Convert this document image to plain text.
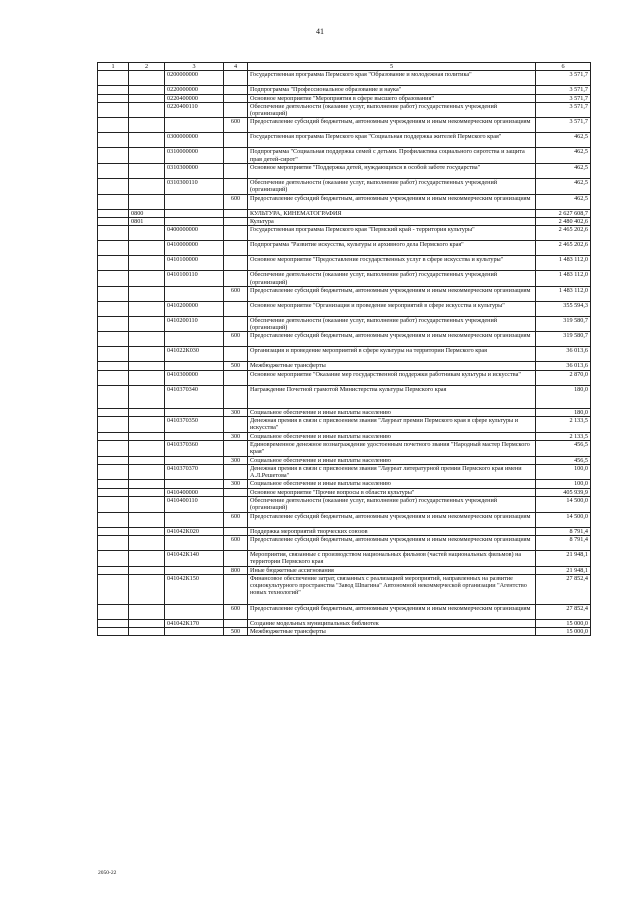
41
1	2	3	4	5	6
		0200000000		Государственная программа Пермского края "Образование и молодежная политика"	3 571,7
		0220000000		Подпрограмма "Профессиональное образование и наука"	3 571,7
		0220400000		Основное мероприятие "Мероприятия в сфере высшего образования"	3 571,7
		0220400110		Обеспечение деятельности (оказание услуг, выполнение работ) государственных учреждений (организаций)	3 571,7
			600	Предоставление субсидий бюджетным, автономным учреждениям и иным некоммерческим организациям	3 571,7
		0300000000		Государственная программа Пермского края "Социальная поддержка жителей Пермского края"	462,5
		0310000000		Подпрограмма "Социальная поддержка семей с детьми. Профилактика социального сиротства и защита прав детей-сирот"	462,5
		0310300000		Основное мероприятие "Поддержка детей, нуждающихся в особой заботе государства"	462,5
		0310300110		Обеспечение деятельности (оказание услуг, выполнение работ) государственных учреждений (организаций)	462,5
			600	Предоставление субсидий бюджетным, автономным учреждениям и иным некоммерческим организациям	462,5
	0800			КУЛЬТУРА, КИНЕМАТОГРАФИЯ	2 627 608,7
	0801			Культура	2 480 402,6
		0400000000		Государственная программа Пермского края "Пермский край - территория культуры"	2 465 202,6
		0410000000		Подпрограмма "Развитие искусства, культуры и архивного дела Пермского края"	2 465 202,6
		0410100000		Основное мероприятие "Предоставление государственных услуг в сфере искусства и культуры"	1 483 112,0
		0410100110		Обеспечение деятельности (оказание услуг, выполнение работ) государственных учреждений (организаций)	1 483 112,0
			600	Предоставление субсидий бюджетным, автономным учреждениям и иным некоммерческим организациям	1 483 112,0
		0410200000		Основное мероприятие "Организация и проведение мероприятий в сфере искусства и культуры"	355 594,3
		0410200110		Обеспечение деятельности (оказание услуг, выполнение работ) государственных учреждений (организаций)	319 580,7
			600	Предоставление субсидий бюджетным, автономным учреждениям и иным некоммерческим организациям	319 580,7
		041022К030		Организация и проведение мероприятий в сфере культуры на территории Пермского края	36 013,6
			500	Межбюджетные трансферты	36 013,6
		0410300000		Основное мероприятие "Оказание мер государственной поддержки работникам культуры и искусства"	2 870,0
		0410370340		Награждение Почетной грамотой Министерства культуры Пермского края	180,0
			300	Социальное обеспечение и иные выплаты населению	180,0
		0410370350		Денежная премия в связи с присвоением звания "Лауреат премии Пермского края в сфере культуры и искусства"	2 133,5
			300	Социальное обеспечение и иные выплаты населению	2 133,5
		0410370360		Единовременное денежное вознаграждение удостоенным почетного звания "Народный мастер Пермского края"	456,5
			300	Социальное обеспечение и иные выплаты населению	456,5
		0410370370		Денежная премия в связи с присвоением звания "Лауреат литературной премии Пермского края имени А.Л.Решетова"	100,0
			300	Социальное обеспечение и иные выплаты населению	100,0
		0410400000		Основное мероприятие "Прочие вопросы в области культуры"	405 939,9
		0410400110		Обеспечение деятельности (оказание услуг, выполнение работ) государственных учреждений (организаций)	14 500,0
			600	Предоставление субсидий бюджетным, автономным учреждениям и иным некоммерческим организациям	14 500,0
		041042К020		Поддержка мероприятий творческих союзов	8 791,4
			600	Предоставление субсидий бюджетным, автономным учреждениям и иным некоммерческим организациям	8 791,4
		041042К140		Мероприятия, связанные с производством национальных фильмов (частей национальных фильмов) на территории Пермского края	21 948,1
			800	Иные бюджетные ассигнования	21 948,1
		041042К150		Финансовое обеспечение затрат, связанных с реализацией мероприятий, направленных на развитие социокультурного пространства "Завод Шпагина" Автономной некоммерческой организации "Агентство новых технологий"	27 852,4
			600	Предоставление субсидий бюджетным, автономным учреждениям и иным некоммерческим организациям	27 852,4
		041042К170		Создание модельных муниципальных библиотек	15 000,0
			500	Межбюджетные трансферты	15 000,0
2050-22
